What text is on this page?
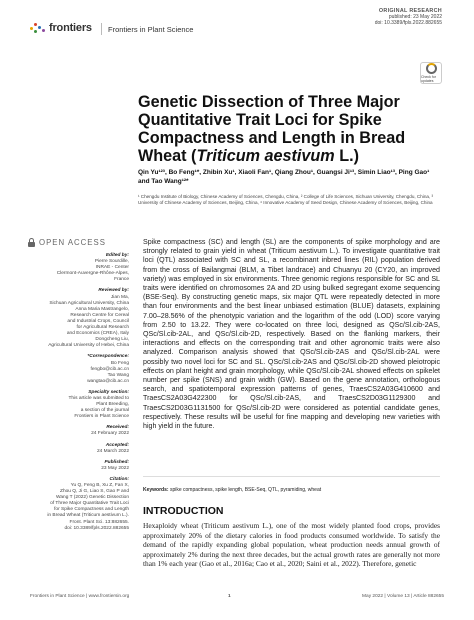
frontiers Frontiers in Plant Science
ORIGINAL RESEARCH
published: 23 May 2022
doi: 10.3389/fpls.2022.882655
Check for updates
Genetic Dissection of Three Major Quantitative Trait Loci for Spike Compactness and Length in Bread Wheat (Triticum aestivum L.)
Qin Yu¹²³, Bo Feng¹*, Zhibin Xu¹, Xiaoli Fan¹, Qiang Zhou¹, Guangsi Ji¹³, Simin Liao¹³, Ping Gao¹ and Tao Wang¹²*
¹ Chengdu Institute of Biology, Chinese Academy of Sciences, Chengdu, China, ² College of Life Sciences, Sichuan University, Chengdu, China, ³ University of Chinese Academy of Sciences, Beijing, China, ⁴ Innovative Academy of Seed Design, Chinese Academy of Sciences, Beijing, China
OPEN ACCESS
Edited by:
Pierre Sourdille,
INRAE - Center
Clermont-Auvergne-Rhône-Alpes,
France
Reviewed by:
Jian Ma,
Sichuan Agricultural University, China
Anna Maria Mastrangelo,
Research Centre for Cereal
and Industrial Crops, Council
for Agricultural Research
and Economics (CREA), Italy
Dongcheng Liu,
Agricultural University of Hebei, China
*Correspondence:
Bo Feng
fengbo@cib.ac.cn
Tao Wang
wangtao@cib.ac.cn
Specialty section:
This article was submitted to
Plant Breeding,
a section of the journal
Frontiers in Plant Science
Received:
24 February 2022
Accepted:
24 March 2022
Published:
23 May 2022
Citation:
Yu Q, Feng B, Xu Z, Fan X,
Zhou Q, Ji G, Liao S, Gao P and
Wang T (2022) Genetic Dissection
of Three Major Quantitative Trait Loci
for Spike Compactness and Length
in Bread Wheat (Triticum aestivum L.).
Front. Plant Sci. 13:882655.
doi: 10.3389/fpls.2022.882655
Spike compactness (SC) and length (SL) are the components of spike morphology and are strongly related to grain yield in wheat (Triticum aestivum L.). To investigate quantitative trait loci (QTL) associated with SC and SL, a recombinant inbred lines (RIL) population derived from the cross of Bailangmai (BLM, a Tibet landrace) and Chuanyu 20 (CY20, an improved variety) was employed in six environments. Three genomic regions responsible for SC and SL traits were identified on chromosomes 2A and 2D using bulked segregant exome sequencing (BSE-Seq). By constructing genetic maps, six major QTL were repeatedly detected in more than four environments and the best linear unbiased estimation (BLUE) datasets, explaining 7.00–28.56% of the phenotypic variation and the logarithm of the odd (LOD) score varying from 2.50 to 13.22. They were co-located on three loci, designed as QSc/Sl.cib-2AS, QSc/Sl.cib-2AL, and QSc/Sl.cib-2D, respectively. Based on the flanking markers, their interactions and effects on the corresponding trait and other agronomic traits were also analyzed. Comparison analysis showed that QSc/Sl.cib-2AS and QSc/Sl.cib-2AL were possibly two novel loci for SC and SL. QSc/Sl.cib-2AS and QSc/Sl.cib-2D showed pleiotropic effects on plant height and grain morphology, while QSc/Sl.cib-2AL showed effects on spikelet number per spike (SNS) and grain width (GW). Based on the gene annotation, orthologous search, and spatiotemporal expression patterns of genes, TraesCS2A03G410600 and TraesCS2A03G422300 for QSc/Sl.cib-2AS, and TraesCS2D03G1129300 and TraesCS2D03G1131500 for QSc/Sl.cib-2D were considered as potential candidate genes, respectively. These results will be useful for fine mapping and developing new varieties with high yield in the future.
Keywords: spike compactness, spike length, BSE-Seq, QTL, pyramiding, wheat
INTRODUCTION
Hexaploidy wheat (Triticum aestivum L.), one of the most widely planted food crops, provides approximately 20% of the dietary calories in food products consumed worldwide. To satisfy the demand of the rapidly expanding global population, wheat production needs annual growth of approximately 2% during the next three decades, but the actual growth rates are generally not more than 1% each year (Gao et al., 2016a; Cao et al., 2020; Saini et al., 2022). Therefore, genetic
Frontiers in Plant Science | www.frontiersin.org	1	May 2022 | Volume 13 | Article 882655
